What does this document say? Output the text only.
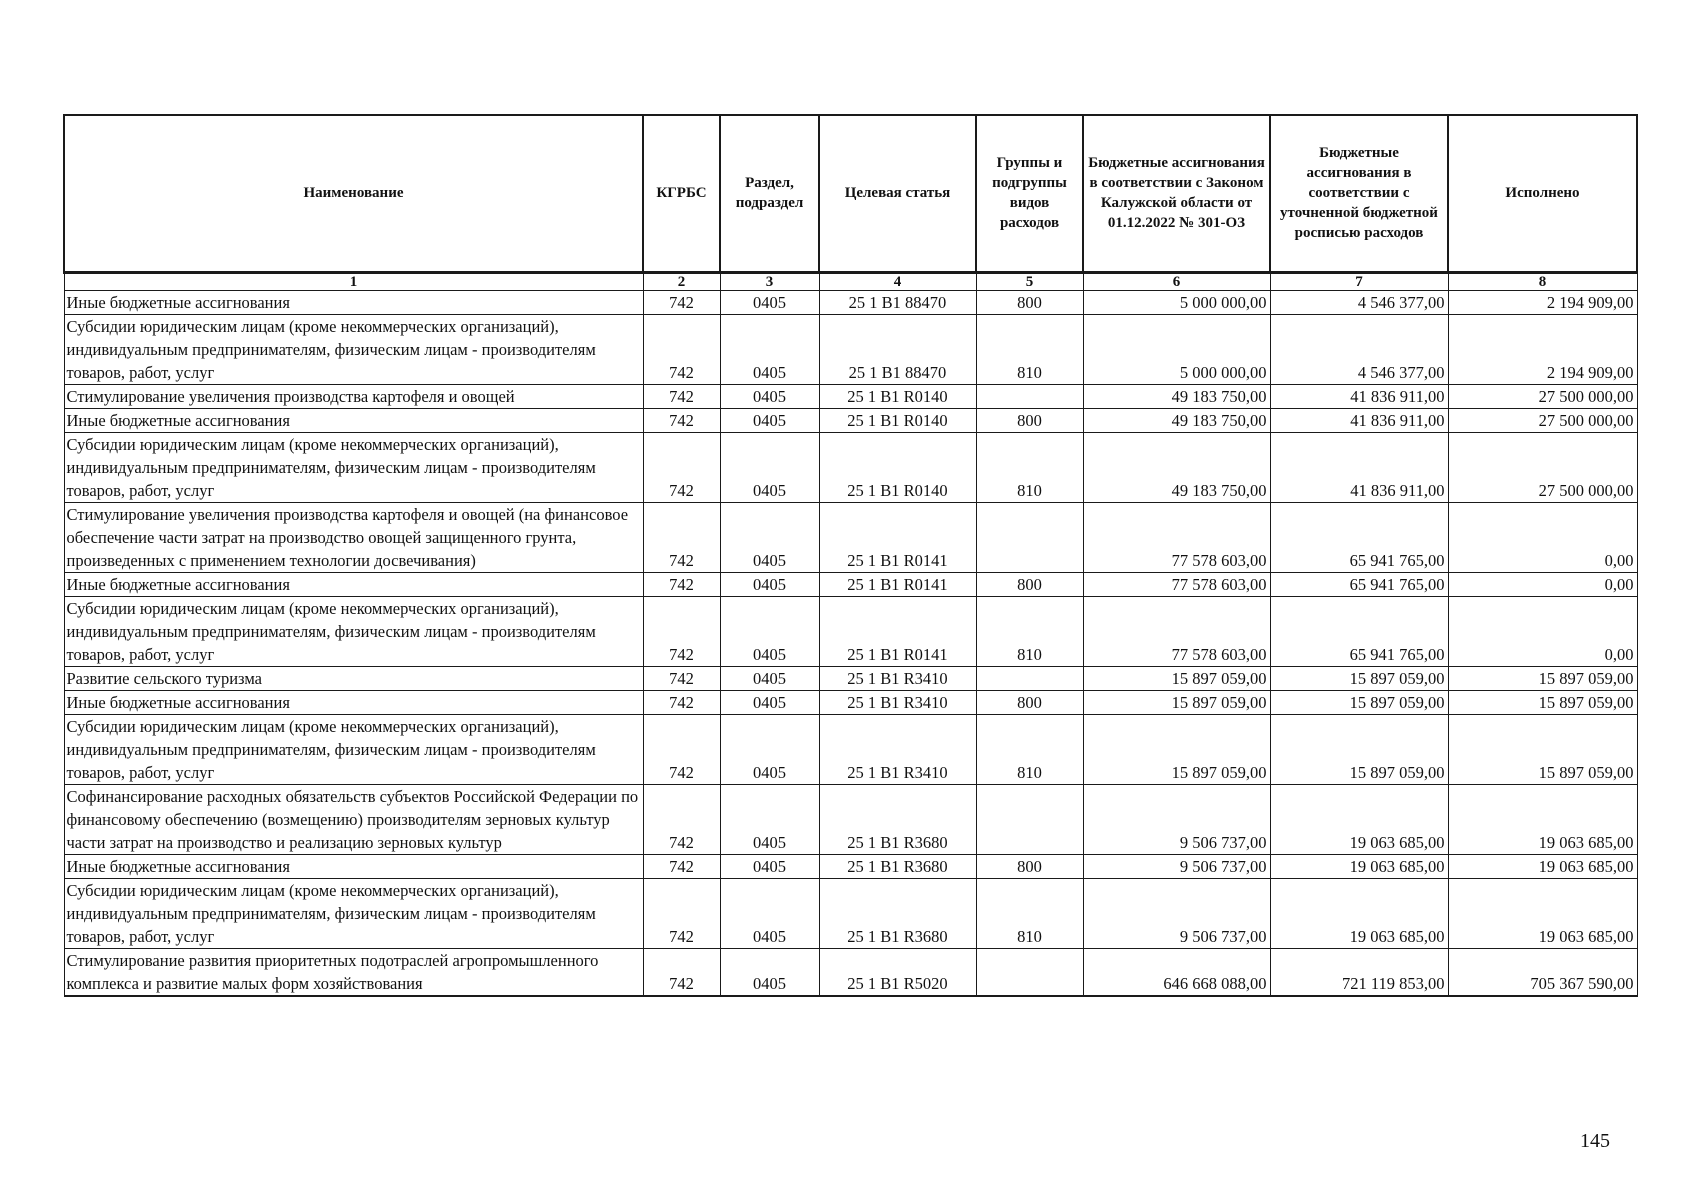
Наименование	КГРБС	Раздел, подраздел	Целевая статья	Группы и подгруппы видов расходов	Бюджетные ассигнования в соответствии с Законом Калужской области от 01.12.2022 № 301-ОЗ	Бюджетные ассигнования в соответствии с уточненной бюджетной росписью расходов	Исполнено
1	2	3	4	5	6	7	8
Иные бюджетные ассигнования	742	0405	25 1 B1 88470	800	5 000 000,00	4 546 377,00	2 194 909,00
Субсидии юридическим лицам (кроме некоммерческих организаций), индивидуальным предпринимателям, физическим лицам - производителям товаров, работ, услуг	742	0405	25 1 B1 88470	810	5 000 000,00	4 546 377,00	2 194 909,00
Стимулирование увеличения производства картофеля и овощей	742	0405	25 1 B1 R0140		49 183 750,00	41 836 911,00	27 500 000,00
Иные бюджетные ассигнования	742	0405	25 1 B1 R0140	800	49 183 750,00	41 836 911,00	27 500 000,00
Субсидии юридическим лицам (кроме некоммерческих организаций), индивидуальным предпринимателям, физическим лицам - производителям товаров, работ, услуг	742	0405	25 1 B1 R0140	810	49 183 750,00	41 836 911,00	27 500 000,00
Стимулирование увеличения производства картофеля и овощей (на финансовое обеспечение части затрат на производство овощей защищенного грунта, произведенных с применением технологии досвечивания)	742	0405	25 1 B1 R0141		77 578 603,00	65 941 765,00	0,00
Иные бюджетные ассигнования	742	0405	25 1 B1 R0141	800	77 578 603,00	65 941 765,00	0,00
Субсидии юридическим лицам (кроме некоммерческих организаций), индивидуальным предпринимателям, физическим лицам - производителям товаров, работ, услуг	742	0405	25 1 B1 R0141	810	77 578 603,00	65 941 765,00	0,00
Развитие сельского туризма	742	0405	25 1 B1 R3410		15 897 059,00	15 897 059,00	15 897 059,00
Иные бюджетные ассигнования	742	0405	25 1 B1 R3410	800	15 897 059,00	15 897 059,00	15 897 059,00
Субсидии юридическим лицам (кроме некоммерческих организаций), индивидуальным предпринимателям, физическим лицам - производителям товаров, работ, услуг	742	0405	25 1 B1 R3410	810	15 897 059,00	15 897 059,00	15 897 059,00
Софинансирование расходных обязательств субъектов Российской Федерации по финансовому обеспечению (возмещению) производителям зерновых культур части затрат на производство и реализацию зерновых культур	742	0405	25 1 B1 R3680		9 506 737,00	19 063 685,00	19 063 685,00
Иные бюджетные ассигнования	742	0405	25 1 B1 R3680	800	9 506 737,00	19 063 685,00	19 063 685,00
Субсидии юридическим лицам (кроме некоммерческих организаций), индивидуальным предпринимателям, физическим лицам - производителям товаров, работ, услуг	742	0405	25 1 B1 R3680	810	9 506 737,00	19 063 685,00	19 063 685,00
Стимулирование развития приоритетных подотраслей агропромышленного комплекса и развитие малых форм хозяйствования	742	0405	25 1 B1 R5020		646 668 088,00	721 119 853,00	705 367 590,00
145
